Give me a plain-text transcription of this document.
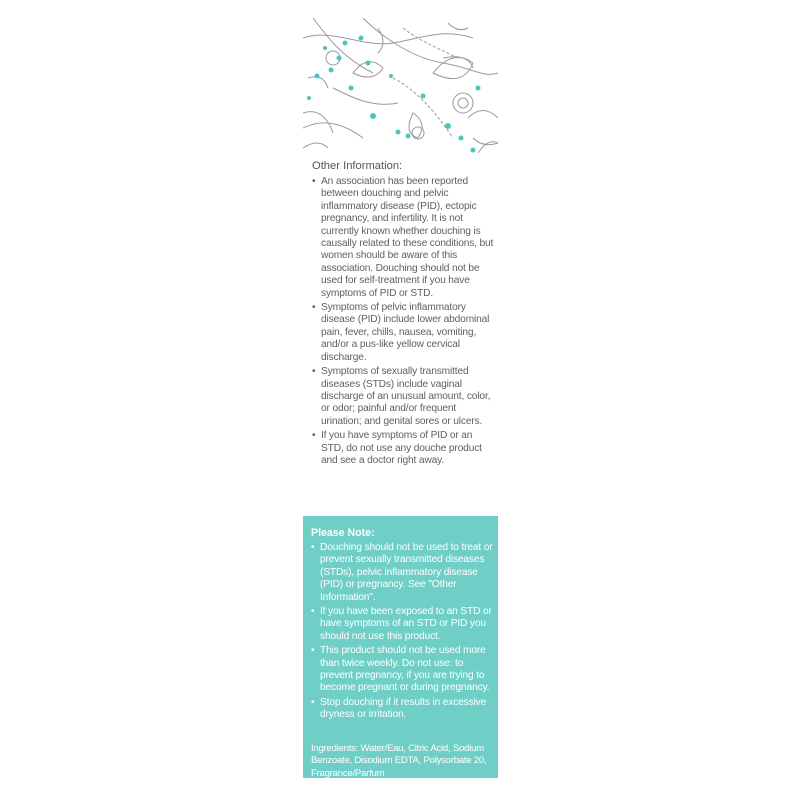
Other Information:
• An association has been reported between douching and pelvic inflammatory disease (PID), ectopic pregnancy, and infertility. It is not currently known whether douching is causally related to these conditions, but women should be aware of this association. Douching should not be used for self-treatment if you have symptoms of PID or STD.
• Symptoms of pelvic inflammatory disease (PID) include lower abdominal pain, fever, chills, nausea, vomiting, and/or a pus-like yellow cervical discharge.
• Symptoms of sexually transmitted diseases (STDs) include vaginal discharge of an unusual amount, color, or odor; painful and/or frequent urination; and genital sores or ulcers.
• If you have symptoms of PID or an STD, do not use any douche product and see a doctor right away.
Please Note:
• Douching should not be used to treat or prevent sexually transmitted diseases (STDs), pelvic inflammatory disease (PID) or pregnancy. See "Other Information".
• If you have been exposed to an STD or have symptoms of an STD or PID you should not use this product.
• This product should not be used more than twice weekly. Do not use: to prevent pregnancy, if you are trying to become pregnant or during pregnancy.
• Stop douching if it results in excessive dryness or irritation.
Ingredients: Water/Eau, Citric Acid, Sodium Benzoate, Disodium EDTA, Polysorbate 20, Fragrance/Parfum
